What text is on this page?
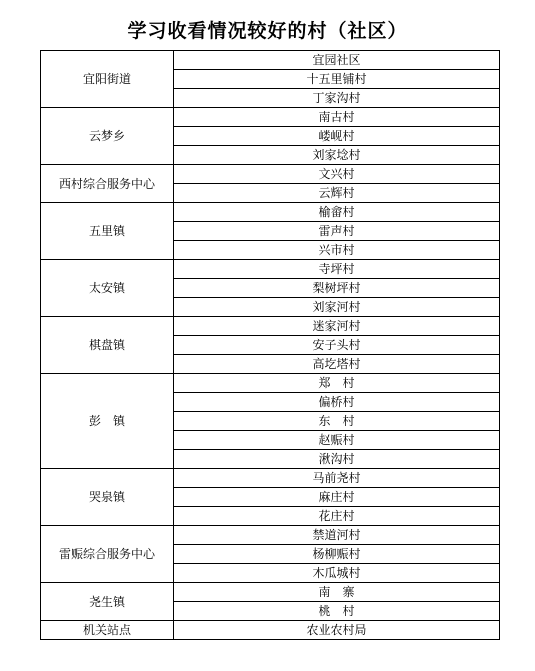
学习收看情况较好的村（社区）
宜阳街道	宜园社区
	十五里铺村
	丁家沟村
云梦乡	南古村
	嵝岘村
	刘家埝村
西村综合服务中心	文兴村
	云辉村
五里镇	榆畲村
	雷声村
	兴市村
太安镇	寺坪村
	梨树坪村
	刘家河村
棋盘镇	迷家河村
	安子头村
	高圪塔村
彭　镇	郑　村
	偏桥村
	东　村
	赵赈村
	湫沟村
哭泉镇	马前尧村
	麻庄村
	花庄村
雷赈综合服务中心	禁道河村
	杨柳赈村
	木瓜城村
尧生镇	南　寨
	桃　村
机关站点	农业农村局
